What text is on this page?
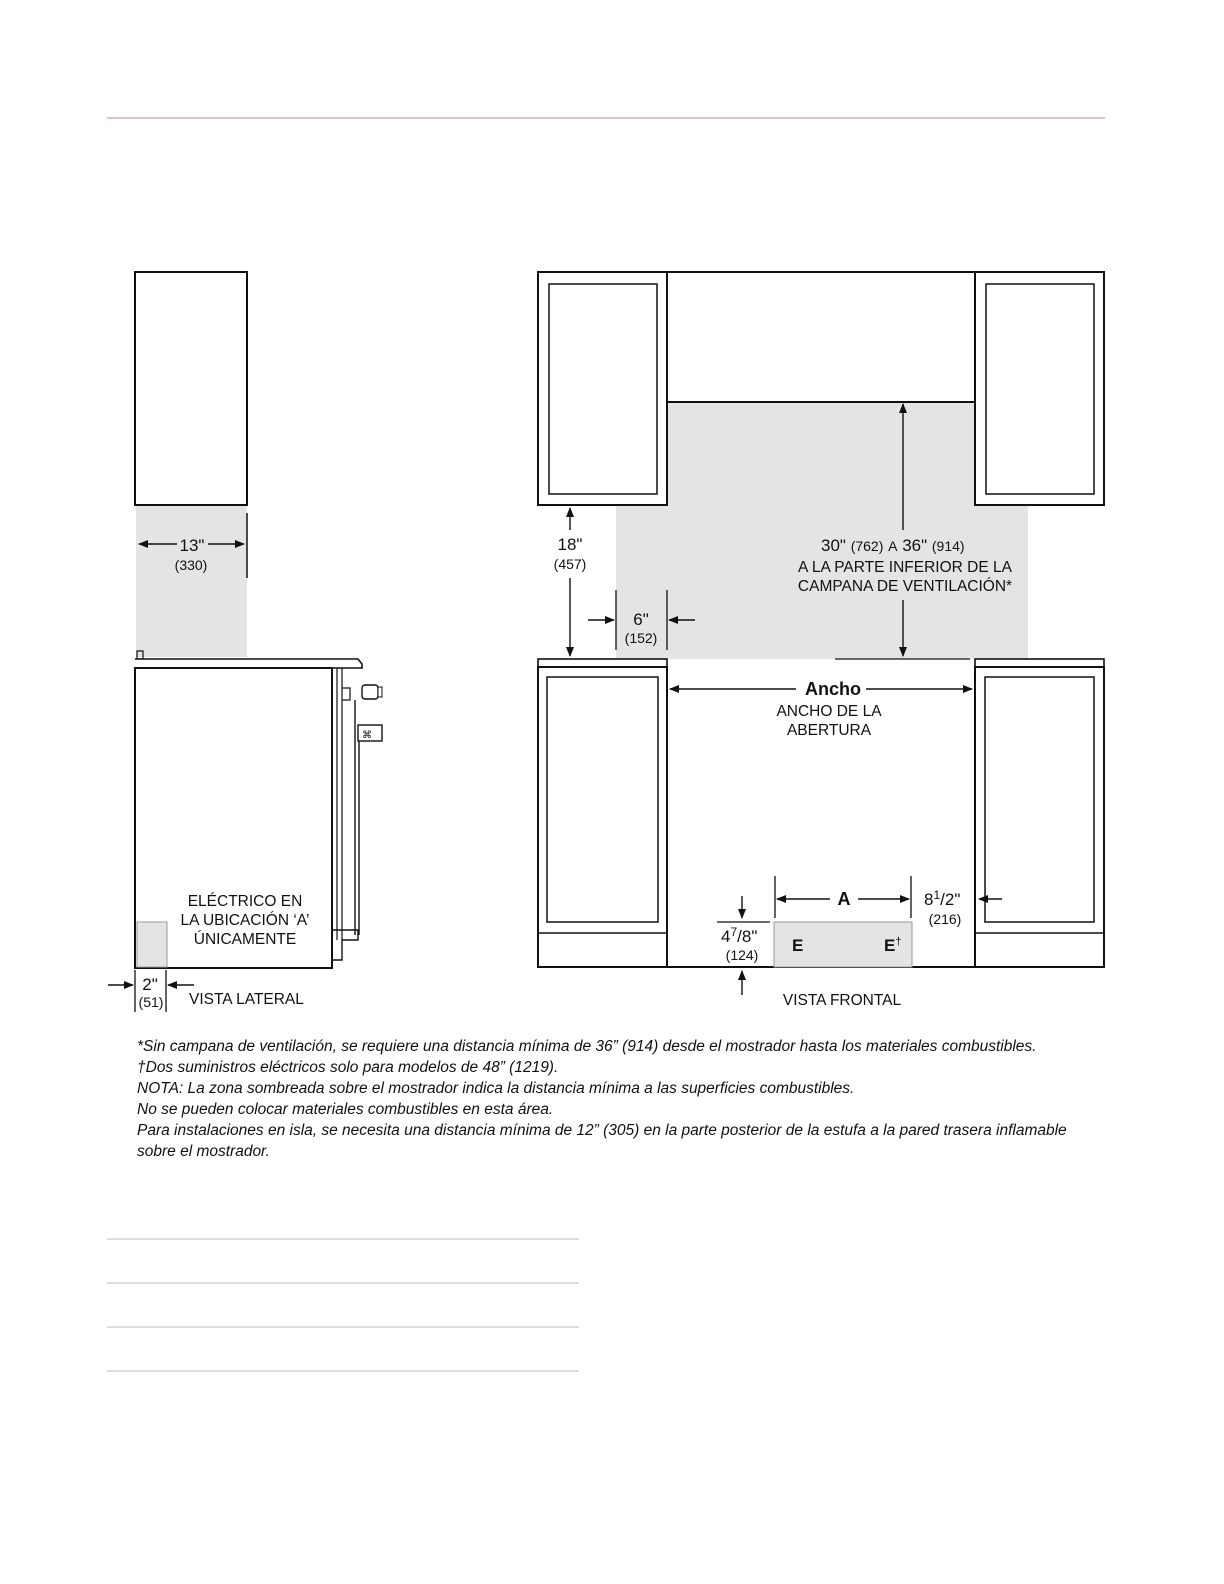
13"
(330)
⌘
ELÉCTRICO EN
LA UBICACIÓN ‘A’
ÚNICAMENTE
2"
(51) VISTA LATERAL
18"
(457)
6"
(152)
30" (762) A 36" (914)
A LA PARTE INFERIOR DE LA
CAMPANA DE VENTILACIÓN*
Ancho
ANCHO DE LA
ABERTURA
E	E†
A	$8^1/2$"
(216)
$4^7/8$"
(124)
VISTA FRONTAL
*Sin campana de ventilación, se requiere una distancia mínima de 36” (914) desde el mostrador hasta los materiales combustibles.
†Dos suministros eléctricos solo para modelos de 48” (1219).
NOTA: La zona sombreada sobre el mostrador indica la distancia mínima a las superficies combustibles.
No se pueden colocar materiales combustibles en esta área.
Para instalaciones en isla, se necesita una distancia mínima de 12” (305) en la parte posterior de la estufa a la pared trasera inflamable sobre el mostrador.
